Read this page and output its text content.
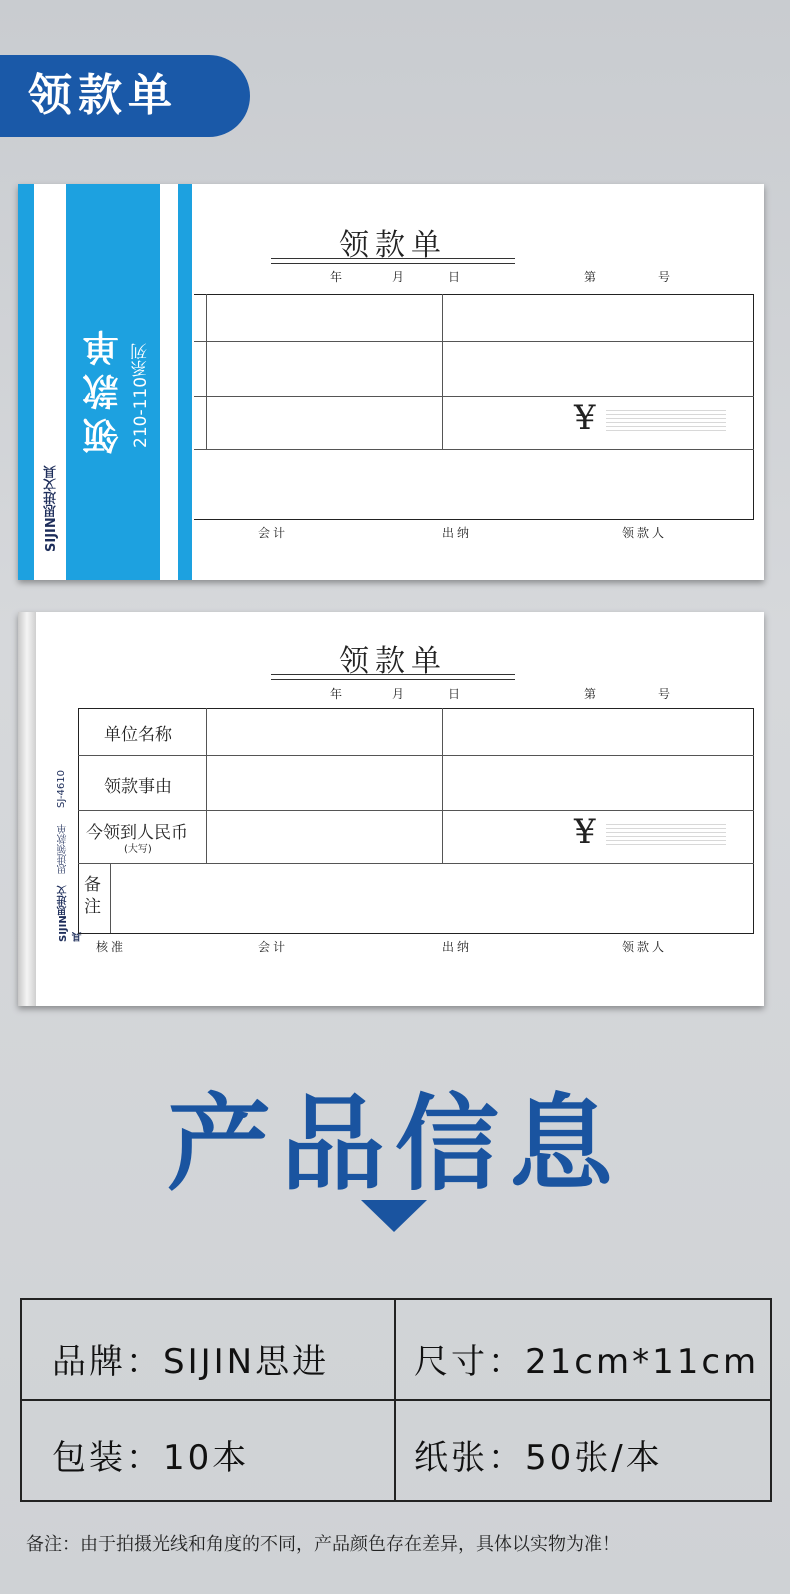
领款单
领款单
年	月	日	第	号
¥
会计	出纳	领款人
领款单 210-110系列
SIJIN思进文具
SIJIN思进文具
思进领款单
SJ-4610
领款单
年	月	日	第	号
单位名称
领款事由
今领到人民币
(大写)
备注
¥
核准	会计	出纳	领款人
产品信息
品牌：SIJIN思进 尺寸：21cm*11cm
包装：10本	纸张：50张/本
备注：由于拍摄光线和角度的不同，产品颜色存在差异，具体以实物为准！
